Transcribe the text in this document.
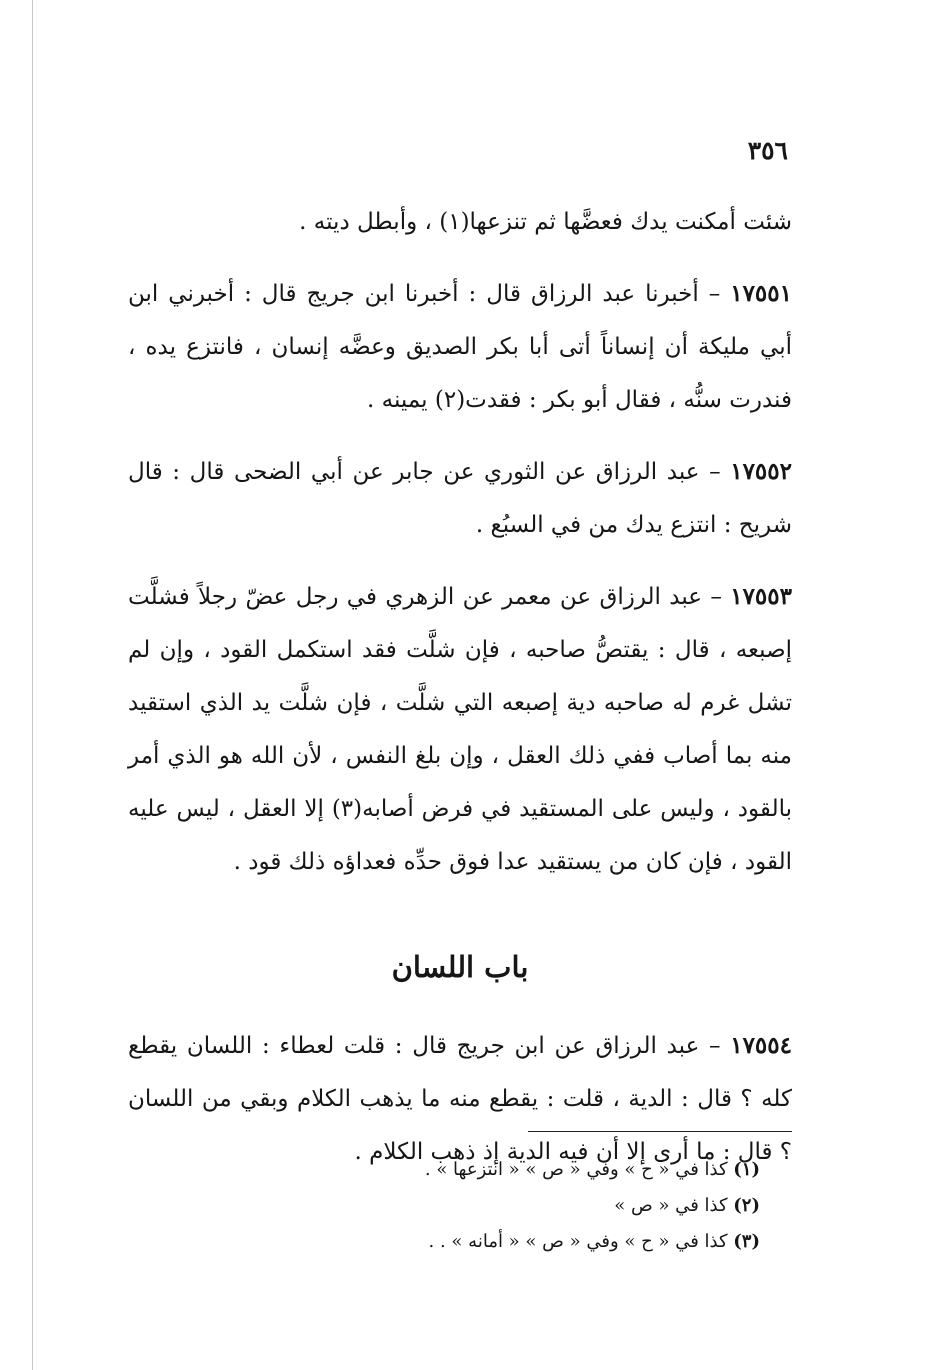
٣٥٦

شئت أمكنت يدك فعضَّها ثم تنزعها(١) ، وأبطل ديته .

١٧٥٥١ – أخبرنا عبد الرزاق قال : أخبرنا ابن جريج قال : أخبرني ابن أبي مليكة أن إنساناً أتى أبا بكر الصديق وعضَّه إنسان ، فانتزع يده ، فندرت سنُّه ، فقال أبو بكر : فقدت(٢) يمينه .

١٧٥٥٢ – عبد الرزاق عن الثوري عن جابر عن أبي الضحى قال : قال شريح : انتزع يدك من في السبُع .

١٧٥٥٣ – عبد الرزاق عن معمر عن الزهري في رجل عضّ رجلاً فشلَّت إصبعه ، قال : يقتصُّ صاحبه ، فإن شلَّت فقد استكمل القود ، وإن لم تشل غرم له صاحبه دية إصبعه التي شلَّت ، فإن شلَّت يد الذي استقيد منه بما أصاب ففي ذلك العقل ، وإن بلغ النفس ، لأن الله هو الذي أمر بالقود ، وليس على المستقيد في فرض أصابه(٣) إلا العقل ، ليس عليه القود ، فإن كان من يستقيد عدا فوق حدِّه فعداؤه ذلك قود .

باب اللسان

١٧٥٥٤ – عبد الرزاق عن ابن جريج قال : قلت لعطاء : اللسان يقطع كله ؟ قال : الدية ، قلت : يقطع منه ما يذهب الكلام وبقي من اللسان ؟ قال : ما أرى إلا أن فيه الدية إذ ذهب الكلام .

(١) كذا في « ح » وفي « ص » « انتزعها » .
(٢) كذا في « ص »
(٣) كذا في « ح » وفي « ص » « أمانه » . .
